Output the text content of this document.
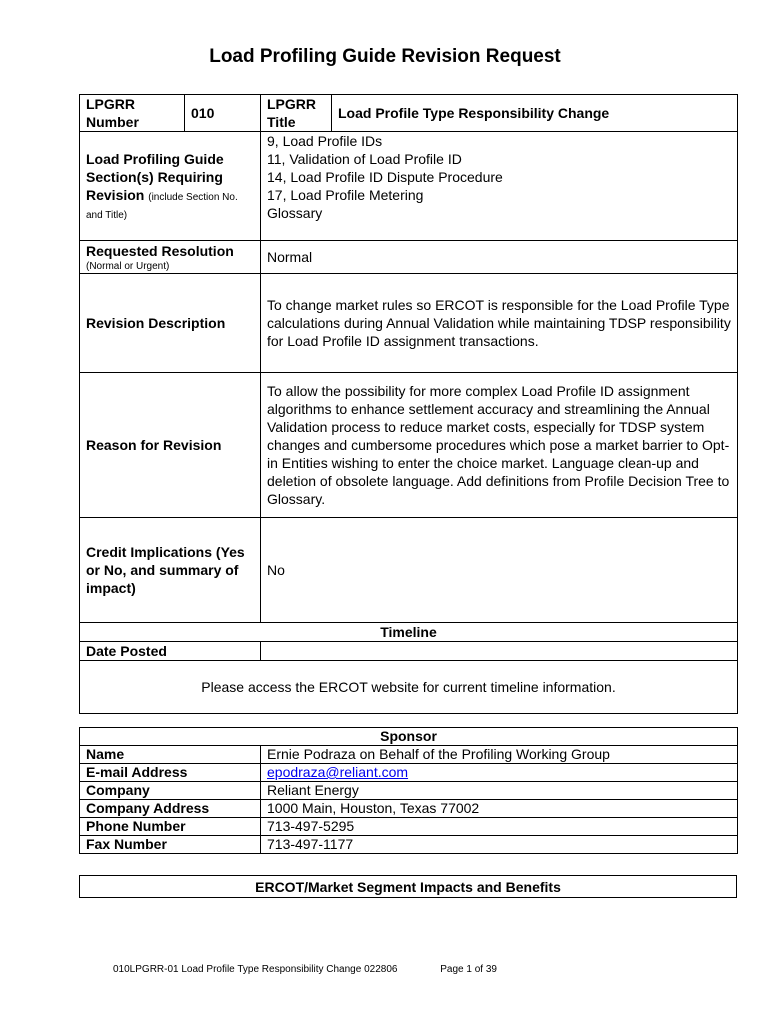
Load Profiling Guide Revision Request
LPGRR Number	010	LPGRR Title	Load Profile Type Responsibility Change
Load Profiling Guide Section(s) Requiring Revision (include Section No. and Title)		9, Load Profile IDs
11, Validation of Load Profile ID
14, Load Profile ID Dispute Procedure
17, Load Profile Metering
Glossary	

Requested Resolution
(Normal or Urgent)		Normal	
Revision Description		To change market rules so ERCOT is responsible for the Load Profile Type calculations during Annual Validation while maintaining TDSP responsibility for Load Profile ID assignment transactions.	
Reason for Revision		To allow the possibility for more complex Load Profile ID assignment algorithms to enhance settlement accuracy and streamlining the Annual Validation process to reduce market costs, especially for TDSP system changes and cumbersome procedures which pose a market barrier to Opt-in Entities wishing to enter the choice market. Language clean-up and deletion of obsolete language. Add definitions from Profile Decision Tree to Glossary.	
Credit Implications (Yes or No, and summary of impact)		No	
Timeline			
Date Posted			
Please access the ERCOT website for current timeline information.			
Sponsor	
Name	Ernie Podraza on Behalf of the Profiling Working Group
E-mail Address	epodraza@reliant.com
Company	Reliant Energy
Company Address	1000 Main, Houston, Texas 77002
Phone Number	713-497-5295
Fax Number	713-497-1177
ERCOT/Market Segment Impacts and Benefits
010LPGRR-01 Load Profile Type Responsibility Change 022806	Page 1 of 39
